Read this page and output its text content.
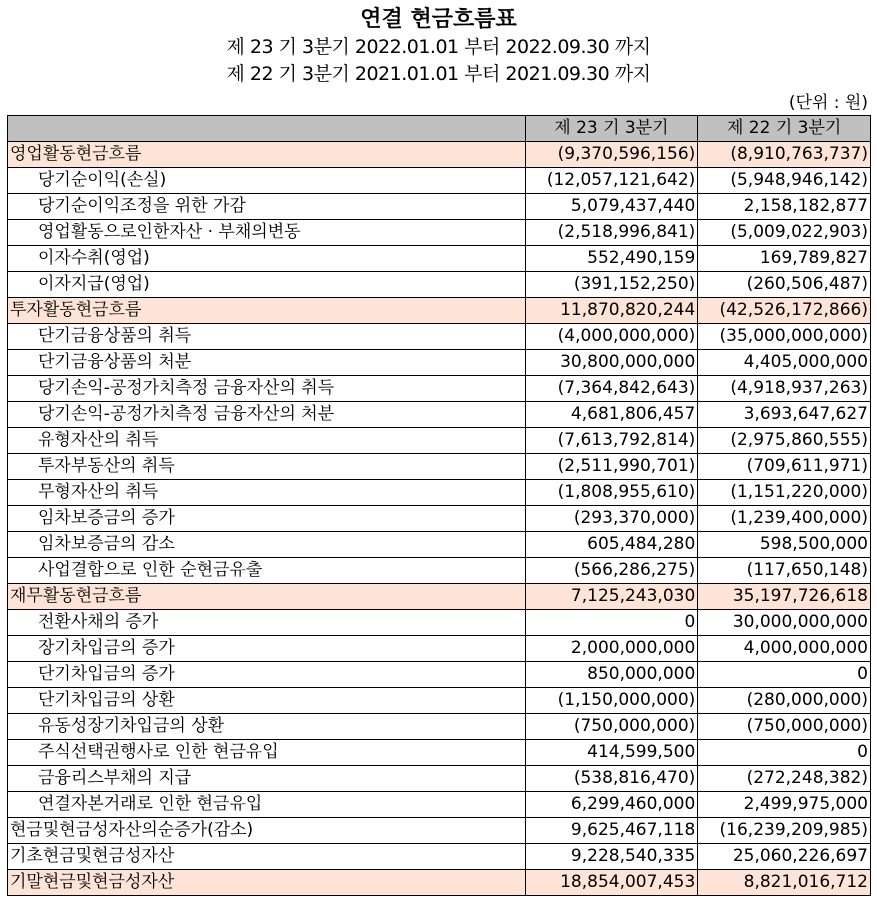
연결 현금흐름표
제 23 기 3분기 2022.01.01 부터 2022.09.30 까지
제 22 기 3분기 2021.01.01 부터 2021.09.30 까지
(단위 : 원)
	제 23 기 3분기	제 22 기 3분기
영업활동현금흐름	(9,370,596,156)	(8,910,763,737)
당기순이익(손실)	(12,057,121,642)	(5,948,946,142)
당기순이익조정을 위한 가감	5,079,437,440	2,158,182,877
영업활동으로인한자산 · 부채의변동	(2,518,996,841)	(5,009,022,903)
이자수취(영업)	552,490,159	169,789,827
이자지급(영업)	(391,152,250)	(260,506,487)
투자활동현금흐름	11,870,820,244	(42,526,172,866)
단기금융상품의 취득	(4,000,000,000)	(35,000,000,000)
단기금융상품의 처분	30,800,000,000	4,405,000,000
당기손익-공정가치측정 금융자산의 취득	(7,364,842,643)	(4,918,937,263)
당기손익-공정가치측정 금융자산의 처분	4,681,806,457	3,693,647,627
유형자산의 취득	(7,613,792,814)	(2,975,860,555)
투자부동산의 취득	(2,511,990,701)	(709,611,971)
무형자산의 취득	(1,808,955,610)	(1,151,220,000)
임차보증금의 증가	(293,370,000)	(1,239,400,000)
임차보증금의 감소	605,484,280	598,500,000
사업결합으로 인한 순현금유출	(566,286,275)	(117,650,148)
재무활동현금흐름	7,125,243,030	35,197,726,618
전환사채의 증가	0	30,000,000,000
장기차입금의 증가	2,000,000,000	4,000,000,000
단기차입금의 증가	850,000,000	0
단기차입금의 상환	(1,150,000,000)	(280,000,000)
유동성장기차입금의 상환	(750,000,000)	(750,000,000)
주식선택권행사로 인한 현금유입	414,599,500	0
금융리스부채의 지급	(538,816,470)	(272,248,382)
연결자본거래로 인한 현금유입	6,299,460,000	2,499,975,000
현금및현금성자산의순증가(감소)	9,625,467,118	(16,239,209,985)
기초현금및현금성자산	9,228,540,335	25,060,226,697
기말현금및현금성자산	18,854,007,453	8,821,016,712
